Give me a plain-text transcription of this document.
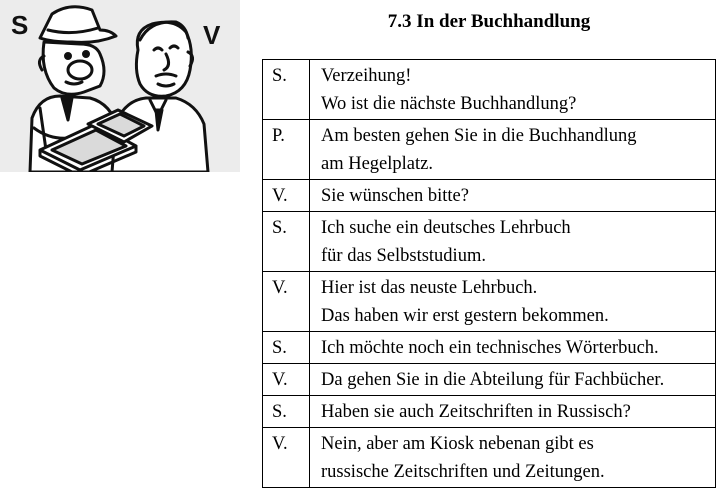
S	V	7.3 In der Buchhandlung
S.	Verzeihung!
Wo ist die nächste Buchhandlung?

P.	Am besten gehen Sie in die Buchhandlung
am Hegelplatz.

V.	Sie wünschen bitte?

S.	Ich suche ein deutsches Lehrbuch
für das Selbststudium.

V.	Hier ist das neuste Lehrbuch.
Das haben wir erst gestern bekommen.

S.	Ich möchte noch ein technisches Wörterbuch.

V.	Da gehen Sie in die Abteilung für Fachbücher.

S.	Haben sie auch Zeitschriften in Russisch?

V.	Nein, aber am Kiosk nebenan gibt es
russische Zeitschriften und Zeitungen.
